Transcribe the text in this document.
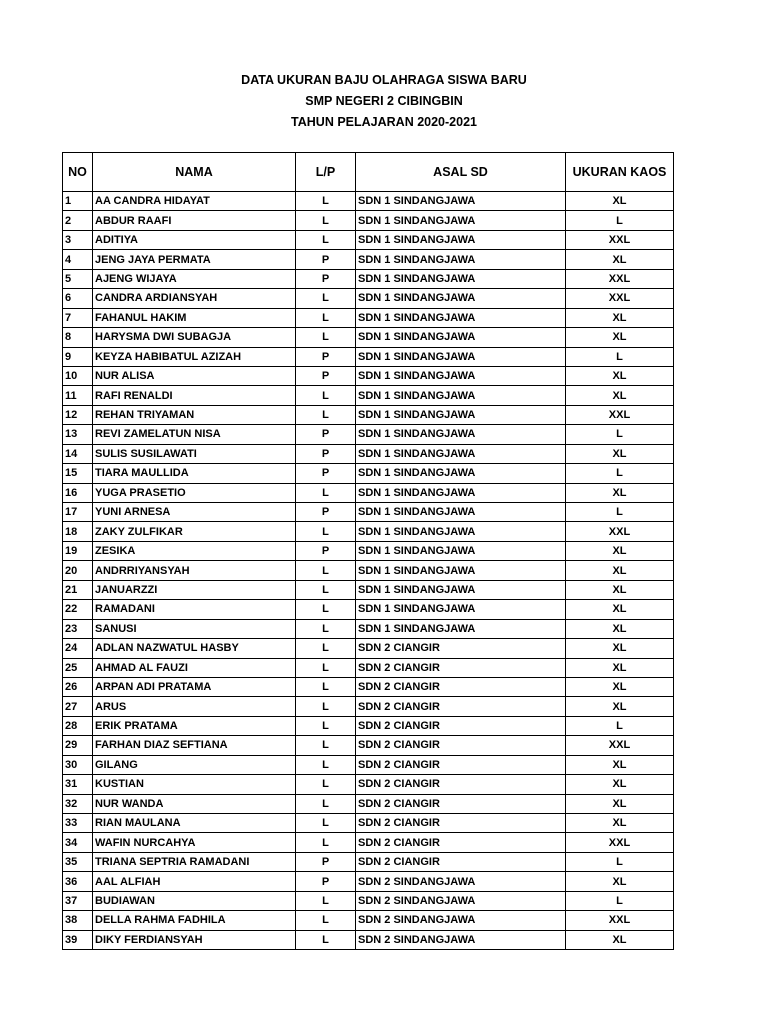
DATA UKURAN BAJU OLAHRAGA SISWA BARU
SMP NEGERI 2 CIBINGBIN
TAHUN PELAJARAN 2020-2021
NO	NAMA	L/P	ASAL SD	UKURAN KAOS
1	AA CANDRA HIDAYAT	L	SDN 1 SINDANGJAWA	XL
2	ABDUR RAAFI	L	SDN 1 SINDANGJAWA	L
3	ADITIYA	L	SDN 1 SINDANGJAWA	XXL
4	JENG JAYA PERMATA	P	SDN 1 SINDANGJAWA	XL
5	AJENG WIJAYA	P	SDN 1 SINDANGJAWA	XXL
6	CANDRA ARDIANSYAH	L	SDN 1 SINDANGJAWA	XXL
7	FAHANUL HAKIM	L	SDN 1 SINDANGJAWA	XL
8	HARYSMA DWI SUBAGJA	L	SDN 1 SINDANGJAWA	XL
9	KEYZA HABIBATUL AZIZAH	P	SDN 1 SINDANGJAWA	L
10	NUR ALISA	P	SDN 1 SINDANGJAWA	XL
11	RAFI RENALDI	L	SDN 1 SINDANGJAWA	XL
12	REHAN TRIYAMAN	L	SDN 1 SINDANGJAWA	XXL
13	REVI ZAMELATUN NISA	P	SDN 1 SINDANGJAWA	L
14	SULIS SUSILAWATI	P	SDN 1 SINDANGJAWA	XL
15	TIARA MAULLIDA	P	SDN 1 SINDANGJAWA	L
16	YUGA PRASETIO	L	SDN 1 SINDANGJAWA	XL
17	YUNI ARNESA	P	SDN 1 SINDANGJAWA	L
18	ZAKY ZULFIKAR	L	SDN 1 SINDANGJAWA	XXL
19	ZESIKA	P	SDN 1 SINDANGJAWA	XL
20	ANDRRIYANSYAH	L	SDN 1 SINDANGJAWA	XL
21	JANUARZZI	L	SDN 1 SINDANGJAWA	XL
22	RAMADANI	L	SDN 1 SINDANGJAWA	XL
23	SANUSI	L	SDN 1 SINDANGJAWA	XL
24	ADLAN NAZWATUL HASBY	L	SDN 2 CIANGIR	XL
25	AHMAD AL FAUZI	L	SDN 2 CIANGIR	XL
26	ARPAN ADI PRATAMA	L	SDN 2 CIANGIR	XL
27	ARUS	L	SDN 2 CIANGIR	XL
28	ERIK PRATAMA	L	SDN 2 CIANGIR	L
29	FARHAN DIAZ SEFTIANA	L	SDN 2 CIANGIR	XXL
30	GILANG	L	SDN 2 CIANGIR	XL
31	KUSTIAN	L	SDN 2 CIANGIR	XL
32	NUR WANDA	L	SDN 2 CIANGIR	XL
33	RIAN MAULANA	L	SDN 2 CIANGIR	XL
34	WAFIN NURCAHYA	L	SDN 2 CIANGIR	XXL
35	TRIANA SEPTRIA RAMADANI	P	SDN 2 CIANGIR	L
36	AAL ALFIAH	P	SDN 2 SINDANGJAWA	XL
37	BUDIAWAN	L	SDN 2 SINDANGJAWA	L
38	DELLA RAHMA FADHILA	L	SDN 2 SINDANGJAWA	XXL
39	DIKY FERDIANSYAH	L	SDN 2 SINDANGJAWA	XL
